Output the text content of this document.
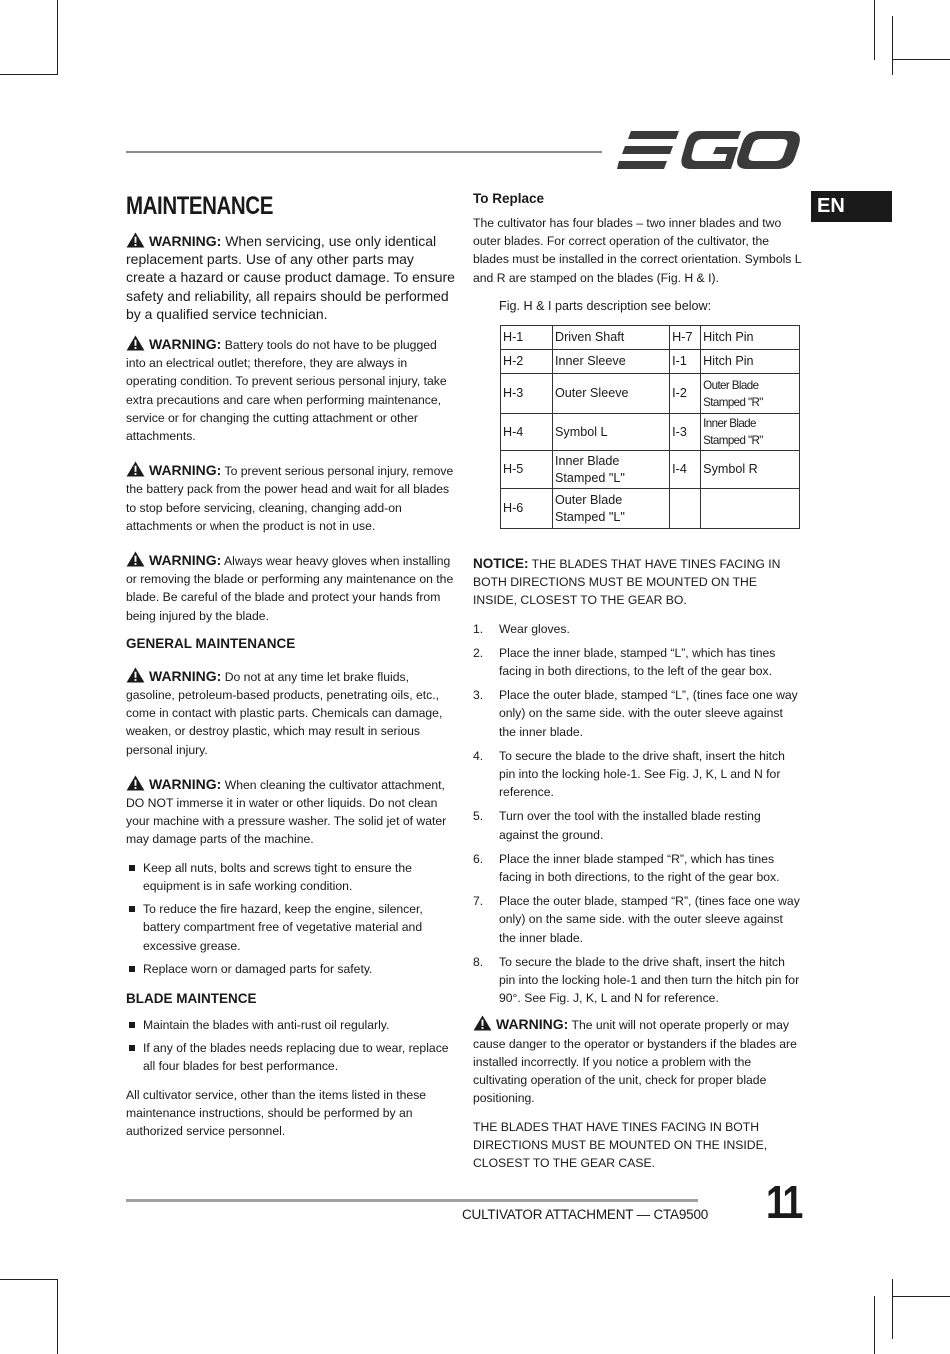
EN
MAINTENANCE

WARNING: When servicing, use only identical replacement parts. Use of any other parts may create a hazard or cause product damage. To ensure safety and reliability, all repairs should be performed by a qualified service technician.

WARNING: Battery tools do not have to be plugged into an electrical outlet; therefore, they are always in operating condition. To prevent serious personal injury, take extra precautions and care when performing maintenance, service or for changing the cutting attachment or other attachments.

WARNING: To prevent serious personal injury, remove the battery pack from the power head and wait for all blades to stop before servicing, cleaning, changing add-on attachments or when the product is not in use.

WARNING: Always wear heavy gloves when installing or removing the blade or performing any maintenance on the blade. Be careful of the blade and protect your hands from being injured by the blade.

GENERAL MAINTENANCE

WARNING: Do not at any time let brake fluids, gasoline, petroleum-based products, penetrating oils, etc., come in contact with plastic parts. Chemicals can damage, weaken, or destroy plastic, which may result in serious personal injury.

WARNING: When cleaning the cultivator attachment, DO NOT immerse it in water or other liquids. Do not clean your machine with a pressure washer. The solid jet of water may damage parts of the machine.

Keep all nuts, bolts and screws tight to ensure the equipment is in safe working condition.
To reduce the fire hazard, keep the engine, silencer, battery compartment free of vegetative material and excessive grease.
Replace worn or damaged parts for safety.
BLADE MAINTENCE
Maintain the blades with anti-rust oil regularly.
If any of the blades needs replacing due to wear, replace all four blades for best performance.

All cultivator service, other than the items listed in these maintenance instructions, should be performed by an authorized service personnel.

To Replace

The cultivator has four blades – two inner blades and two outer blades. For correct operation of the cultivator, the blades must be installed in the correct orientation. Symbols L and R are stamped on the blades (Fig. H & I).

Fig. H & I parts description see below:
H-1	Driven Shaft	H-7	Hitch Pin
H-2	Inner Sleeve	I-1	Hitch Pin
H-3	Outer Sleeve	I-2	Outer Blade Stamped "R"
H-4	Symbol L	I-3	Inner Blade Stamped "R"
H-5	Inner Blade Stamped "L"	I-4	Symbol R
H-6	Outer Blade Stamped "L"		

NOTICE: THE BLADES THAT HAVE TINES FACING IN BOTH DIRECTIONS MUST BE MOUNTED ON THE INSIDE, CLOSEST TO THE GEAR BO.

1. Wear gloves.
2. Place the inner blade, stamped “L”, which has tines facing in both directions, to the left of the gear box.
3. Place the outer blade, stamped “L”, (tines face one way only) on the same side. with the outer sleeve against the inner blade.
4. To secure the blade to the drive shaft, insert the hitch pin into the locking hole-1. See Fig. J, K, L and N for reference.
5. Turn over the tool with the installed blade resting against the ground.
6. Place the inner blade stamped “R”, which has tines facing in both directions, to the right of the gear box.
7. Place the outer blade, stamped “R”, (tines face one way only) on the same side. with the outer sleeve against the inner blade.
8. To secure the blade to the drive shaft, insert the hitch pin into the locking hole-1 and then turn the hitch pin for 90°. See Fig. J, K, L and N for reference.

WARNING: The unit will not operate properly or may cause danger to the operator or bystanders if the blades are installed incorrectly. If you notice a problem with the cultivating operation of the unit, check for proper blade positioning.

THE BLADES THAT HAVE TINES FACING IN BOTH DIRECTIONS MUST BE MOUNTED ON THE INSIDE, CLOSEST TO THE GEAR CASE.

CULTIVATOR ATTACHMENT — CTA9500 11
